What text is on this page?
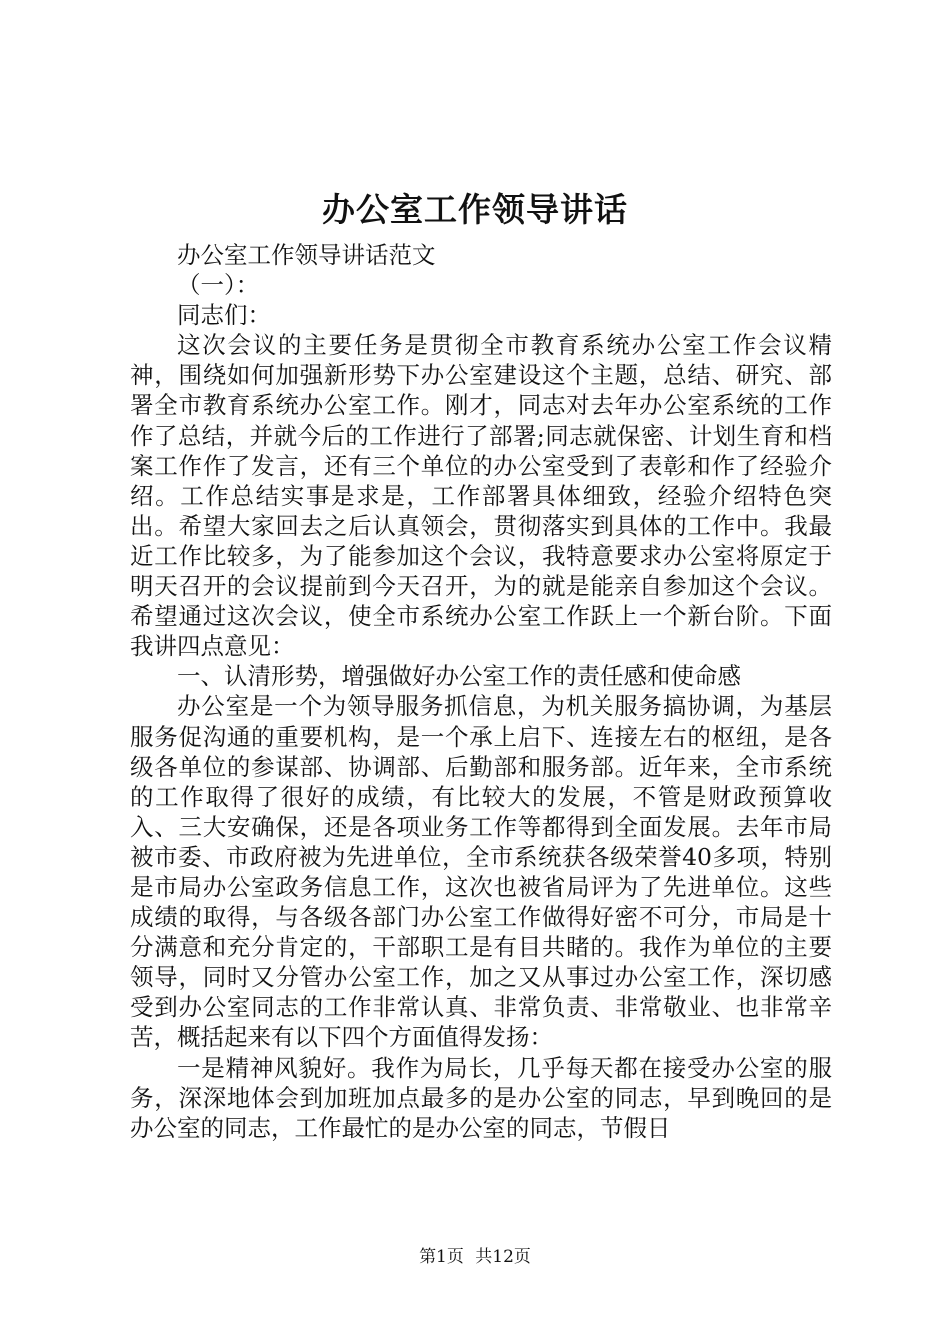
办公室工作领导讲话

办公室工作领导讲话范文

（一）：

同志们：

这次会议的主要任务是贯彻全市教育系统办公室工作会议精神，围绕如何加强新形势下办公室建设这个主题，总结、研究、部署全市教育系统办公室工作。刚才，同志对去年办公室系统的工作作了总结，并就今后的工作进行了部署;同志就保密、计划生育和档案工作作了发言，还有三个单位的办公室受到了表彰和作了经验介绍。工作总结实事是求是，工作部署具体细致，经验介绍特色突出。希望大家回去之后认真领会，贯彻落实到具体的工作中。我最近工作比较多，为了能参加这个会议，我特意要求办公室将原定于明天召开的会议提前到今天召开，为的就是能亲自参加这个会议。希望通过这次会议，使全市系统办公室工作跃上一个新台阶。下面我讲四点意见：

一、认清形势，增强做好办公室工作的责任感和使命感

办公室是一个为领导服务抓信息，为机关服务搞协调，为基层服务促沟通的重要机构，是一个承上启下、连接左右的枢纽，是各级各单位的参谋部、协调部、后勤部和服务部。近年来，全市系统的工作取得了很好的成绩，有比较大的发展，不管是财政预算收入、三大安确保，还是各项业务工作等都得到全面发展。去年市局被市委、市政府被为先进单位，全市系统获各级荣誉40多项，特别是市局办公室政务信息工作，这次也被省局评为了先进单位。这些成绩的取得，与各级各部门办公室工作做得好密不可分，市局是十分满意和充分肯定的，干部职工是有目共睹的。我作为单位的主要领导，同时又分管办公室工作，加之又从事过办公室工作，深切感受到办公室同志的工作非常认真、非常负责、非常敬业、也非常辛苦，概括起来有以下四个方面值得发扬：

一是精神风貌好。我作为局长，几乎每天都在接受办公室的服务，深深地体会到加班加点最多的是办公室的同志，早到晚回的是办公室的同志，工作最忙的是办公室的同志，节假日

第1页 共12页
